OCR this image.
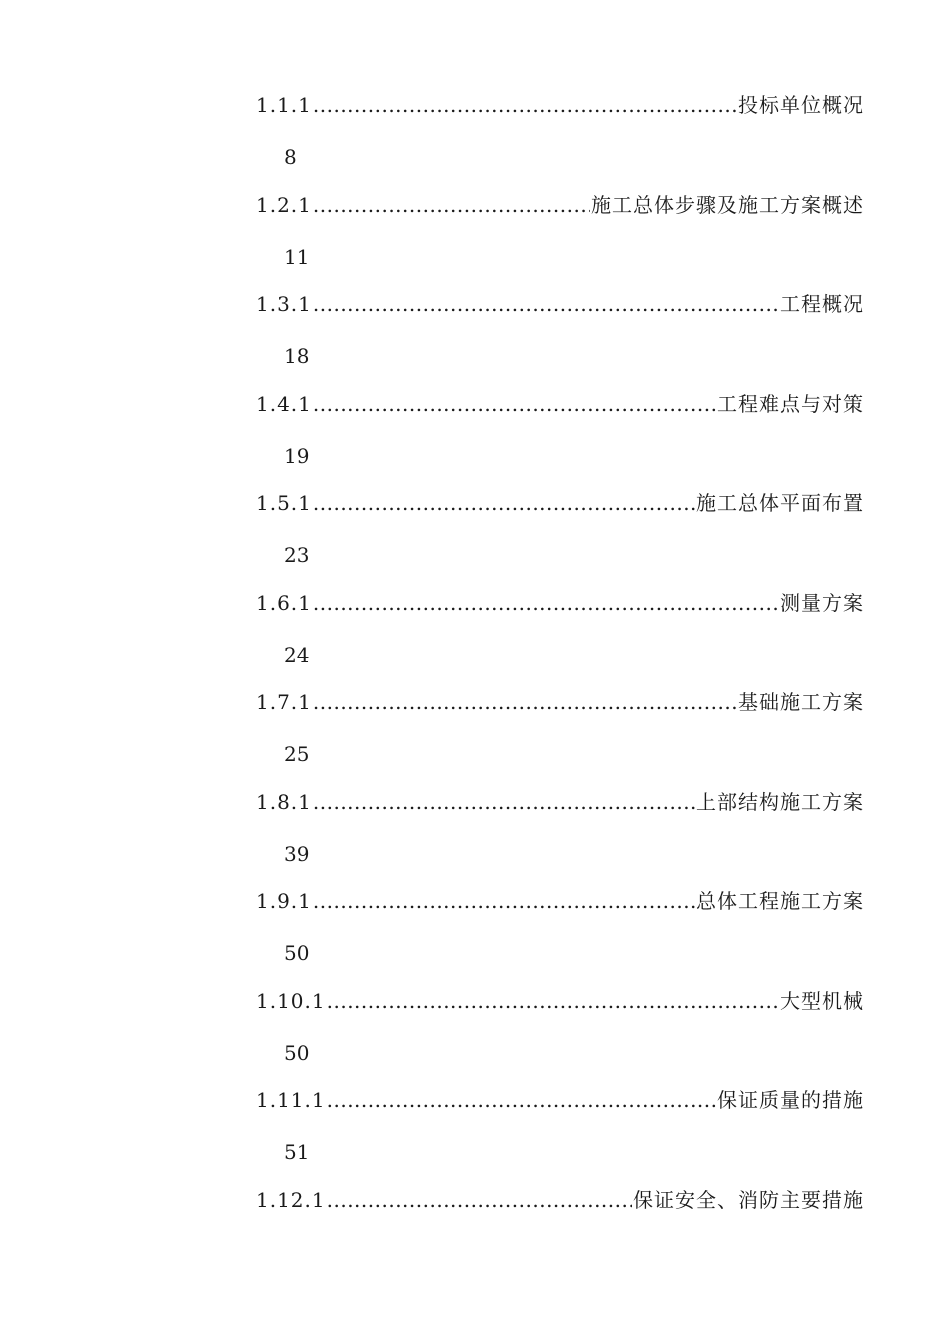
1.1.1 .....	投标单位概况
8
1.2.1 .....	施工总体步骤及施工方案概述
11
1.3.1 .....	工程概况
18
1.4.1 .....	工程难点与对策
19
1.5.1 .....	施工总体平面布置
23
1.6.1 .....	测量方案
24
1.7.1 .....	基础施工方案
25
1.8.1 .....	上部结构施工方案
39
1.9.1 .....	总体工程施工方案
50
1.10.1 .....	大型机械
50
1.11.1 .....	保证质量的措施
51
1.12.1 .....	保证安全、消防主要措施
